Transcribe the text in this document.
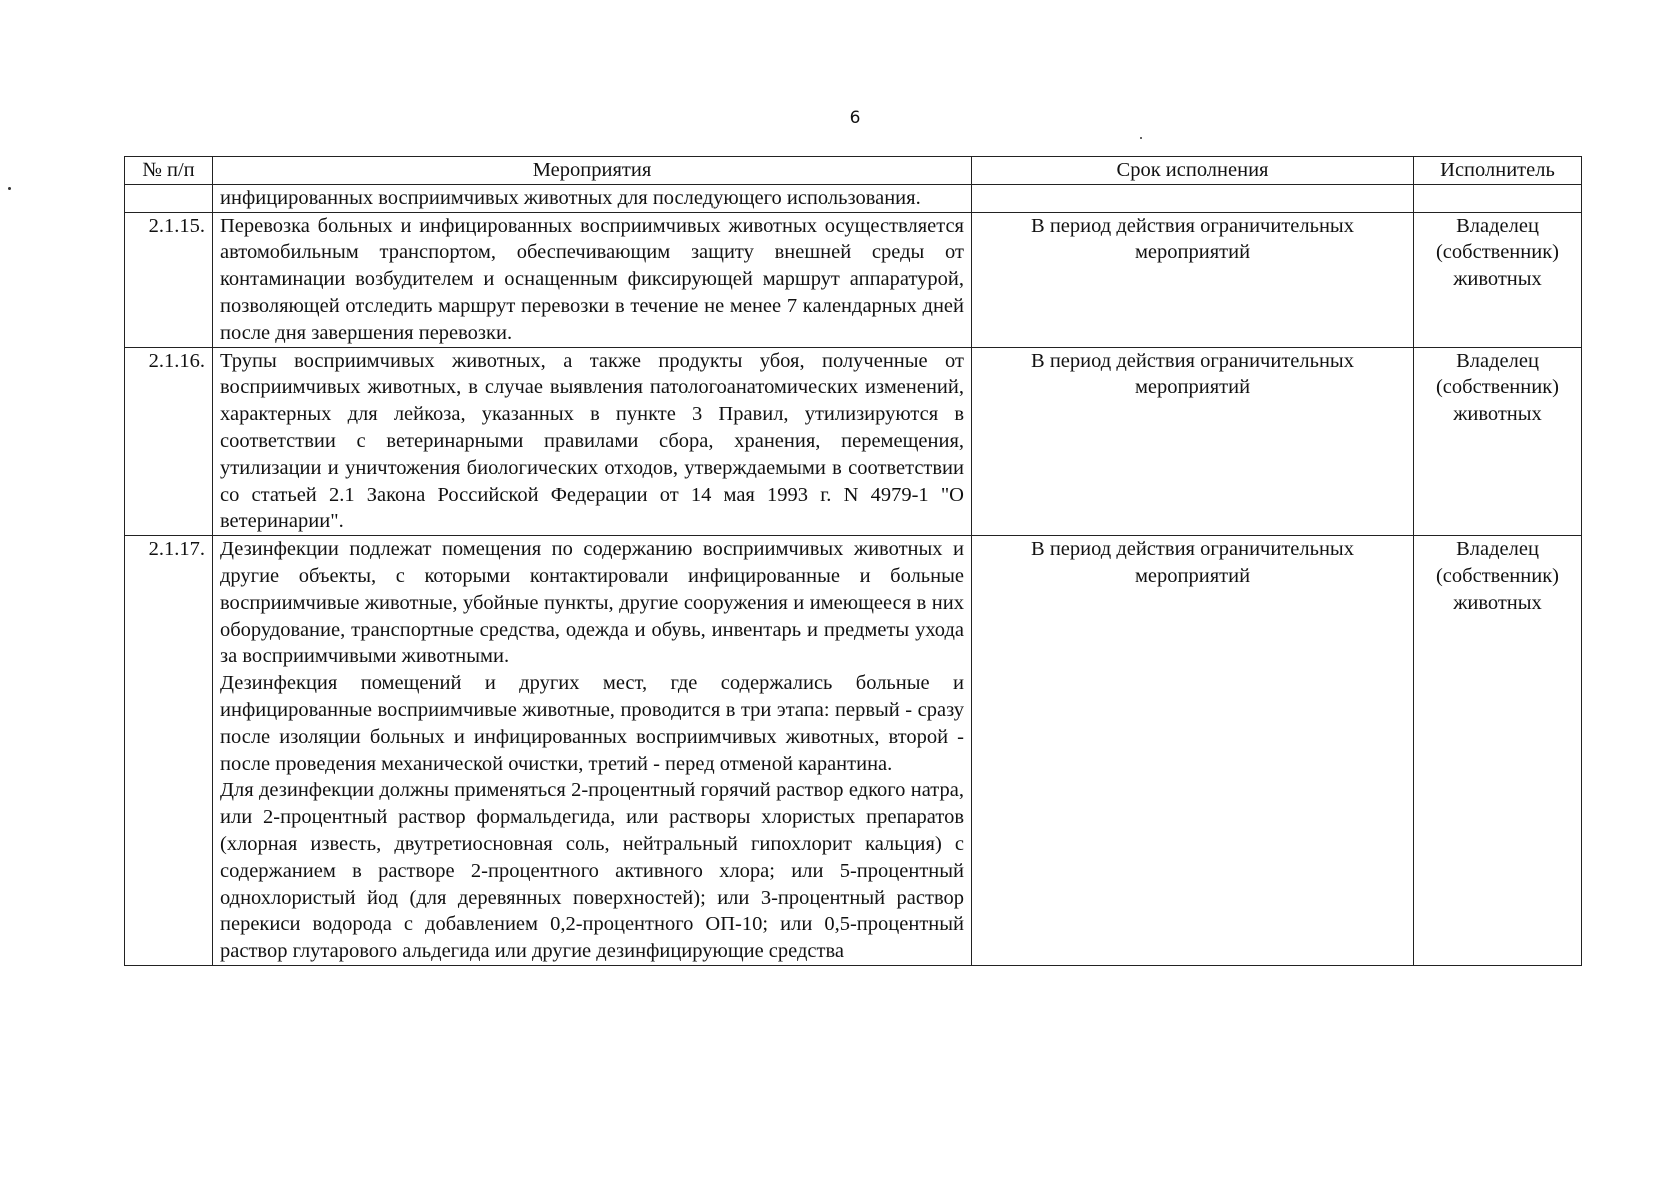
6
№ п/п	Мероприятия	Срок исполнения	Исполнитель

	инфицированных восприимчивых животных для последующего использования.		

2.1.15.	Перевозка больных и инфицированных восприимчивых животных осуществляется автомобильным транспортом, обеспечивающим защиту внешней среды от контаминации возбудителем и оснащенным фиксирующей маршрут аппаратурой, позволяющей отследить маршрут перевозки в течение не менее 7 календарных дней после дня завершения перевозки.	В период действия ограничительных мероприятий	Владелец (собственник) животных
2.1.16.	Трупы восприимчивых животных, а также продукты убоя, полученные от восприимчивых животных, в случае выявления патологоанатомических изменений, характерных для лейкоза, указанных в пункте 3 Правил, утилизируются в соответствии с ветеринарными правилами сбора, хранения, перемещения, утилизации и уничтожения биологических отходов, утверждаемыми в соответствии со статьей 2.1 Закона Российской Федерации от 14 мая 1993 г. N 4979-1 "О ветеринарии".	В период действия ограничительных мероприятий	Владелец (собственник) животных
2.1.17.	Дезинфекции подлежат помещения по содержанию восприимчивых животных и другие объекты, с которыми контактировали инфицированные и больные восприимчивые животные, убойные пункты, другие сооружения и имеющееся в них оборудование, транспортные средства, одежда и обувь, инвентарь и предметы ухода за восприимчивыми животными.

Дезинфекция помещений и других мест, где содержались больные и инфицированные восприимчивые животные, проводится в три этапа: первый - сразу после изоляции больных и инфицированных восприимчивых животных, второй - после проведения механической очистки, третий - перед отменой карантина.

Для дезинфекции должны применяться 2-процентный горячий раствор едкого натра, или 2-процентный раствор формальдегида, или растворы хлористых препаратов (хлорная известь, двутретиосновная соль, нейтральный гипохлорит кальция) с содержанием в растворе 2-процентного активного хлора; или 5-процентный однохлористый йод (для деревянных поверхностей); или 3-процентный раствор перекиси водорода с добавлением 0,2-процентного ОП-10; или 0,5-процентный раствор глутарового альдегида или другие дезинфицирующие средства	В период действия ограничительных мероприятий	Владелец (собственник) животных
